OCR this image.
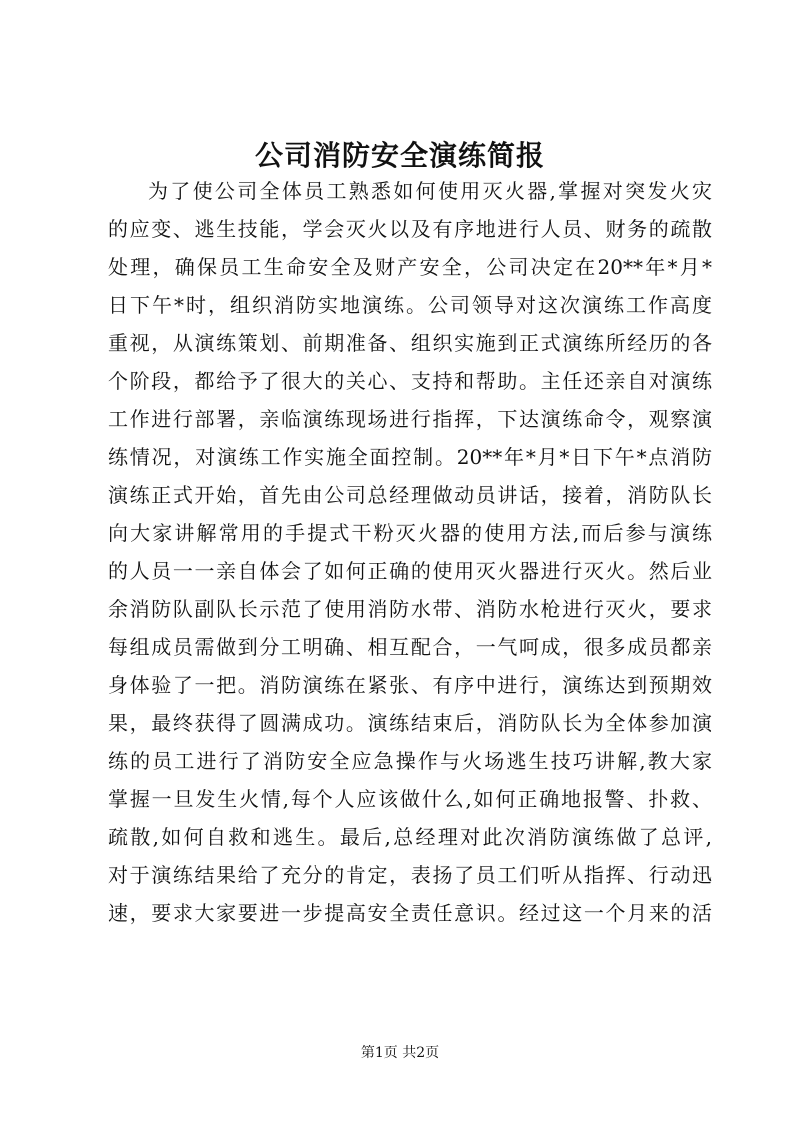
公司消防安全演练简报
为了使公司全体员工熟悉如何使用灭火器,掌握对突发火灾
的应变、逃生技能，学会灭火以及有序地进行人员、财务的疏散
处理，确保员工生命安全及财产安全，公司决定在20**年*月*
日下午*时，组织消防实地演练。公司领导对这次演练工作高度
重视，从演练策划、前期准备、组织实施到正式演练所经历的各
个阶段，都给予了很大的关心、支持和帮助。主任还亲自对演练
工作进行部署，亲临演练现场进行指挥，下达演练命令，观察演
练情况，对演练工作实施全面控制。20**年*月*日下午*点消防
演练正式开始，首先由公司总经理做动员讲话，接着，消防队长
向大家讲解常用的手提式干粉灭火器的使用方法,而后参与演练
的人员一一亲自体会了如何正确的使用灭火器进行灭火。然后业
余消防队副队长示范了使用消防水带、消防水枪进行灭火，要求
每组成员需做到分工明确、相互配合，一气呵成，很多成员都亲
身体验了一把。消防演练在紧张、有序中进行，演练达到预期效
果，最终获得了圆满成功。演练结束后，消防队长为全体参加演
练的员工进行了消防安全应急操作与火场逃生技巧讲解,教大家
掌握一旦发生火情,每个人应该做什么,如何正确地报警、扑救、
疏散,如何自救和逃生。最后,总经理对此次消防演练做了总评,
对于演练结果给了充分的肯定，表扬了员工们听从指挥、行动迅
速，要求大家要进一步提高安全责任意识。经过这一个月来的活
第1页 共2页
